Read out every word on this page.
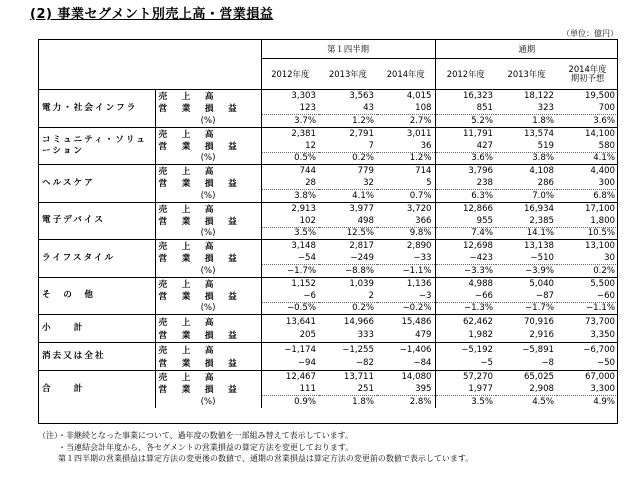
(2) 事業セグメント別売上高・営業損益
（単位：億円）
		第１四半期			通期		
		2012年度	2013年度	2014年度	2012年度	2013年度	2014年度
期初予想
電力・社会インフラ	売　上　高	3,303	3,563	4,015	16,323	18,122	19,500
	営　業　損　益	123	43	108	851	323	700
	(%)	3.7%	1.2%	2.7%	5.2%	1.8%	3.6%
コミュニティ・ソリューション	売　上　高	2,381	2,791	3,011	11,791	13,574	14,100
	営　業　損　益	12	7	36	427	519	580
	(%)	0.5%	0.2%	1.2%	3.6%	3.8%	4.1%
ヘルスケア	売　上　高	744	779	714	3,796	4,108	4,400
	営　業　損　益	28	32	5	238	286	300
	(%)	3.8%	4.1%	0.7%	6.3%	7.0%	6.8%
電子デバイス	売　上　高	2,913	3,977	3,720	12,866	16,934	17,100
	営　業　損　益	102	498	366	955	2,385	1,800
	(%)	3.5%	12.5%	9.8%	7.4%	14.1%	10.5%
ライフスタイル	売　上　高	3,148	2,817	2,890	12,698	13,138	13,100
	営　業　損　益	−54	−249	−33	−423	−510	30
	(%)	−1.7%	−8.8%	−1.1%	−3.3%	−3.9%	0.2%
そ　の　他	売　上　高	1,152	1,039	1,136	4,988	5,040	5,500
	営　業　損　益	−6	2	−3	−66	−87	−60
	(%)	−0.5%	0.2%	−0.2%	−1.3%	−1.7%	−1.1%
小　　計	売　上　高	13,641	14,966	15,486	62,462	70,916	73,700
	営　業　損　益	205	333	479	1,982	2,916	3,350
消去又は全社	売　上　高	−1,174	−1,255	−1,406	−5,192	−5,891	−6,700
	営　業　損　益	−94	−82	−84	−5	−8	−50
合　　計	売　上　高	12,467	13,711	14,080	57,270	65,025	67,000
	営　業　損　益	111	251	395	1,977	2,908	3,300
	(%)	0.9%	1.8%	2.8%	3.5%	4.5%	4.9%
（注）・非継続となった事業について、過年度の数値を一部組み替えて表示しています。
・当連結会計年度から、各セグメントの営業損益の算定方法を変更しております。
第１四半期の営業損益は算定方法の変更後の数値で、通期の営業損益は算定方法の変更前の数値で表示しています。
